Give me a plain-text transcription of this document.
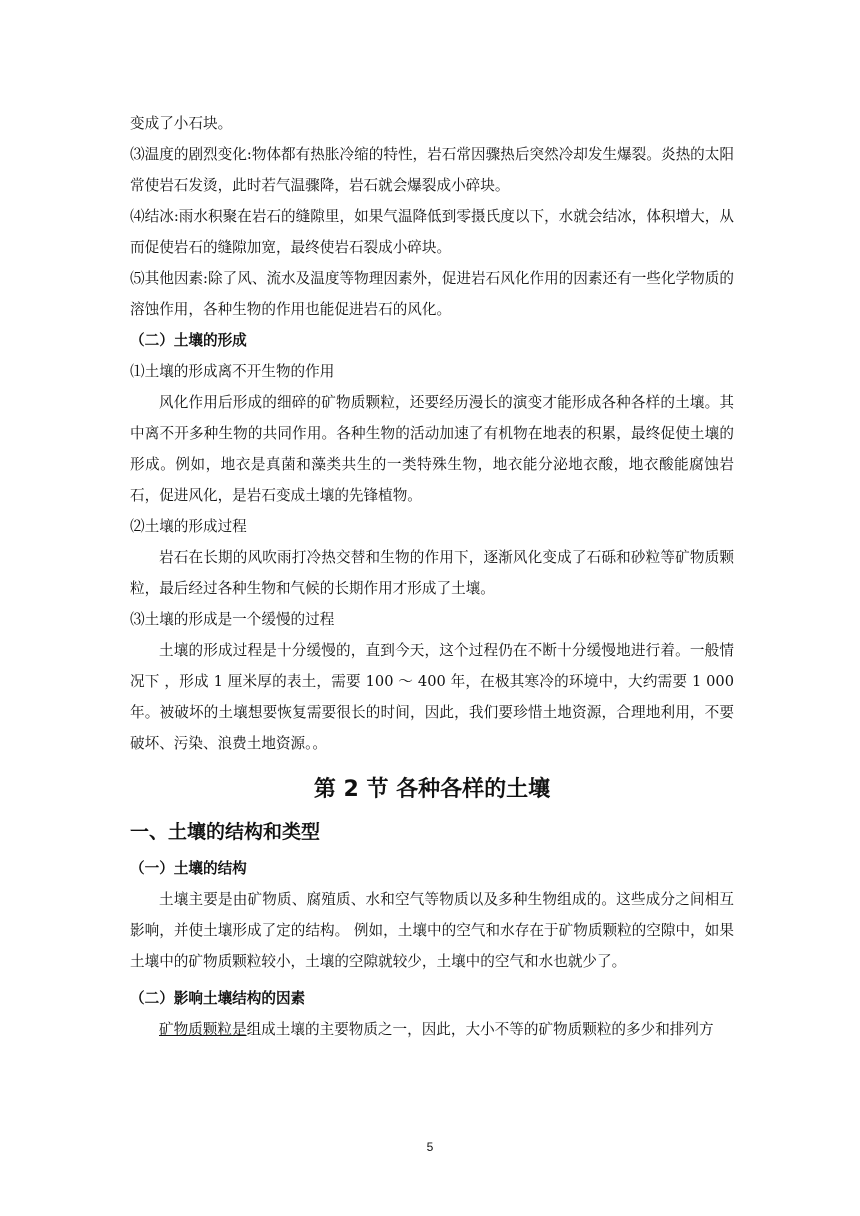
变成了小石块。

⑶温度的剧烈变化:物体都有热胀冷缩的特性，岩石常因骤热后突然冷却发生爆裂。炎热的太阳常使岩石发烫，此时若气温骤降，岩石就会爆裂成小碎块。

⑷结冰:雨水积聚在岩石的缝隙里，如果气温降低到零摄氏度以下，水就会结冰，体积增大，从而促使岩石的缝隙加宽，最终使岩石裂成小碎块。

⑸其他因素:除了风、流水及温度等物理因素外，促进岩石风化作用的因素还有一些化学物质的溶蚀作用，各种生物的作用也能促进岩石的风化。

（二）土壤的形成

⑴土壤的形成离不开生物的作用

风化作用后形成的细碎的矿物质颗粒，还要经历漫长的演变才能形成各种各样的土壤。其中离不开多种生物的共同作用。各种生物的活动加速了有机物在地表的积累，最终促使土壤的形成。例如，地衣是真菌和藻类共生的一类特殊生物，地衣能分泌地衣酸，地衣酸能腐蚀岩石，促进风化，是岩石变成土壤的先锋植物。

⑵土壤的形成过程

岩石在长期的风吹雨打冷热交替和生物的作用下，逐渐风化变成了石砾和砂粒等矿物质颗粒，最后经过各种生物和气候的长期作用才形成了土壤。

⑶土壤的形成是一个缓慢的过程

土壤的形成过程是十分缓慢的，直到今天，这个过程仍在不断十分缓慢地进行着。一般情况下 ，形成 1 厘米厚的表土，需要 100 ～ 400 年，在极其寒冷的环境中，大约需要 1 000 年。被破坏的土壤想要恢复需要很长的时间，因此，我们要珍惜土地资源，合理地利用，不要破坏、污染、浪费土地资源。。

第 2 节 各种各样的土壤
一、土壤的结构和类型
（一）土壤的结构

土壤主要是由矿物质、腐殖质、水和空气等物质以及多种生物组成的。这些成分之间相互影响，并使土壤形成了定的结构。 例如，土壤中的空气和水存在于矿物质颗粒的空隙中，如果土壤中的矿物质颗粒较小，土壤的空隙就较少，土壤中的空气和水也就少了。

（二）影响土壤结构的因素

矿物质颗粒是组成土壤的主要物质之一，因此，大小不等的矿物质颗粒的多少和排列方

5
